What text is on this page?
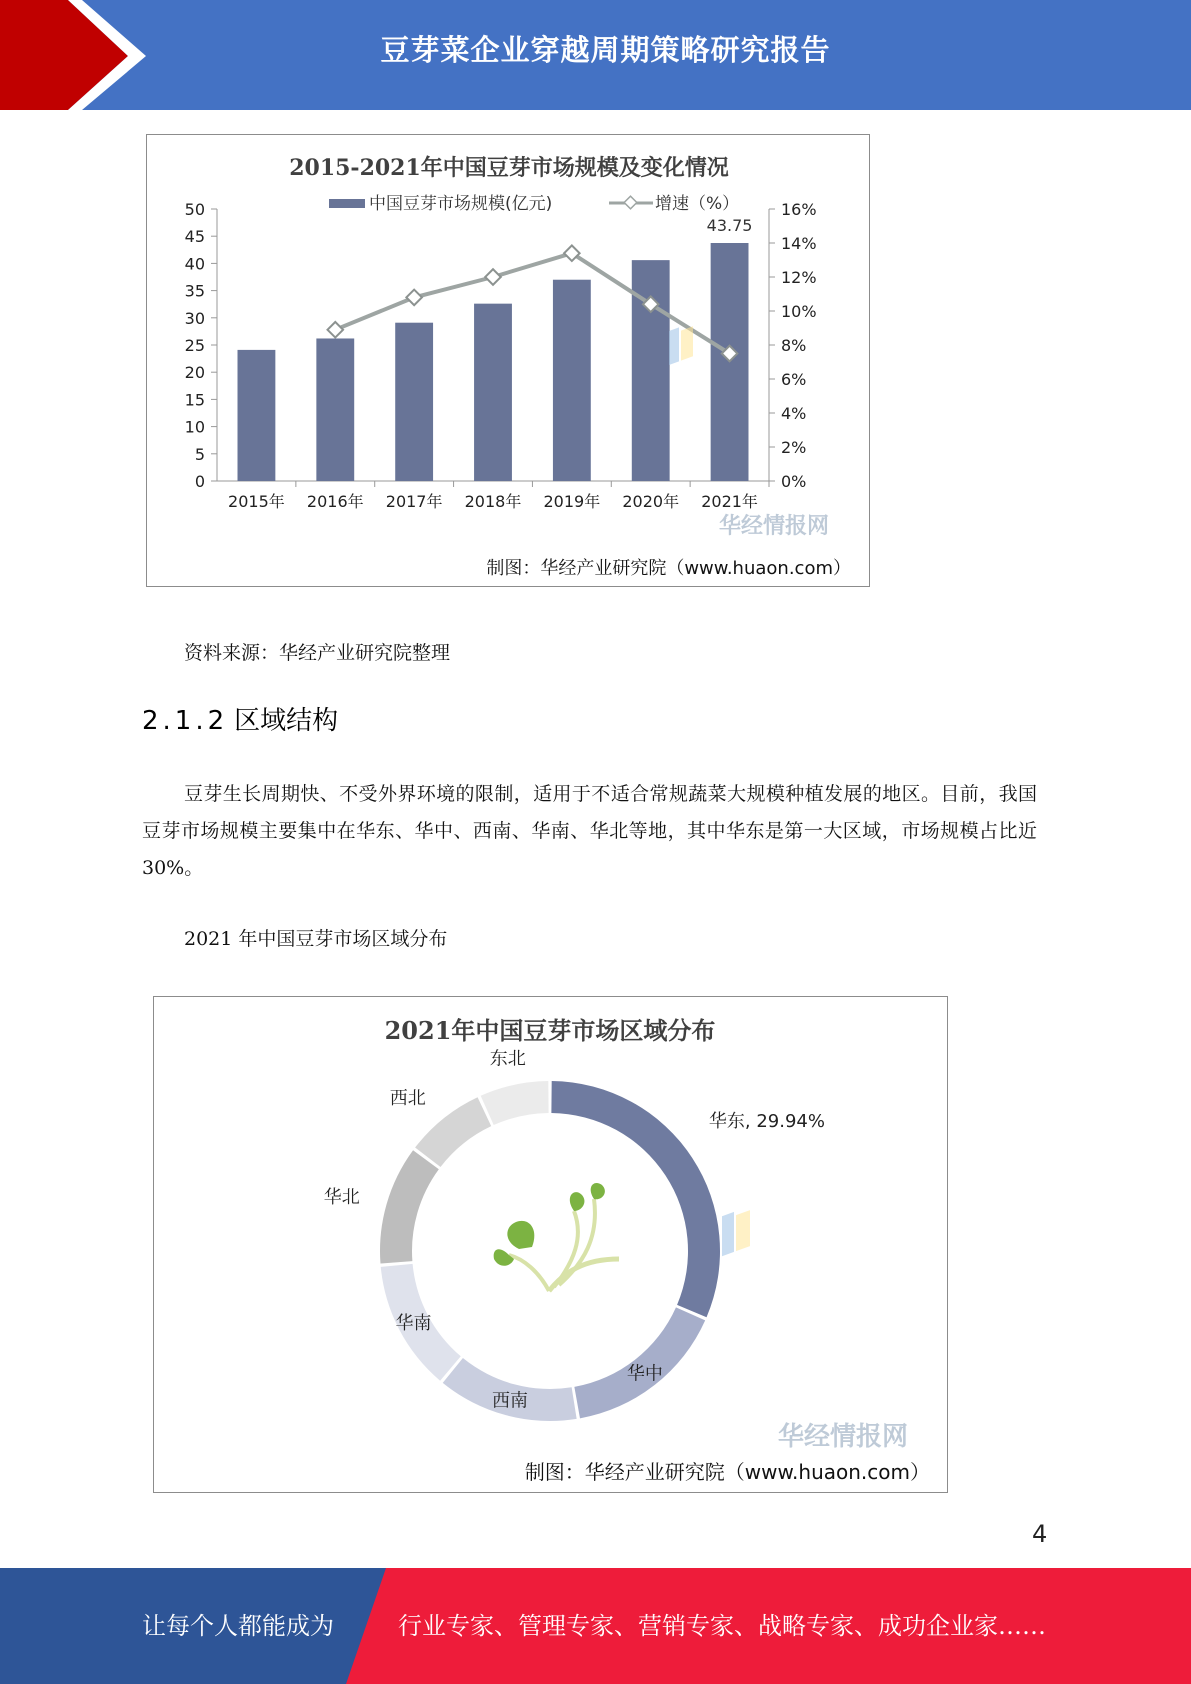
豆芽菜企业穿越周期策略研究报告
2015-2021年中国豆芽市场规模及变化情况
中国豆芽市场规模(亿元)	增速（%）
0
5
10
15
20
25
30
35
40
45
50
0%
2%
4%
6%
8%
10%
12%
14%
16%
2015年 2016年 2017年 2018年 2019年 2020年 2021年
43.75
华经情报网
制图：华经产业研究院（www.huaon.com）
资料来源：华经产业研究院整理
2.1.2 区域结构
豆芽生长周期快、不受外界环境的限制，适用于不适合常规蔬菜大规模种植发展的地区。目前，我国豆芽市场规模主要集中在华东、华中、西南、华南、华北等地，其中华东是第一大区域，市场规模占比近 30%。
2021 年中国豆芽市场区域分布
2021年中国豆芽市场区域分布
华东, 29.94%
华中
西南
华南
华北
西北
东北
华经情报网
制图：华经产业研究院（www.huaon.com）
4
让每个人都能成为	行业专家、管理专家、营销专家、战略专家、成功企业家……
